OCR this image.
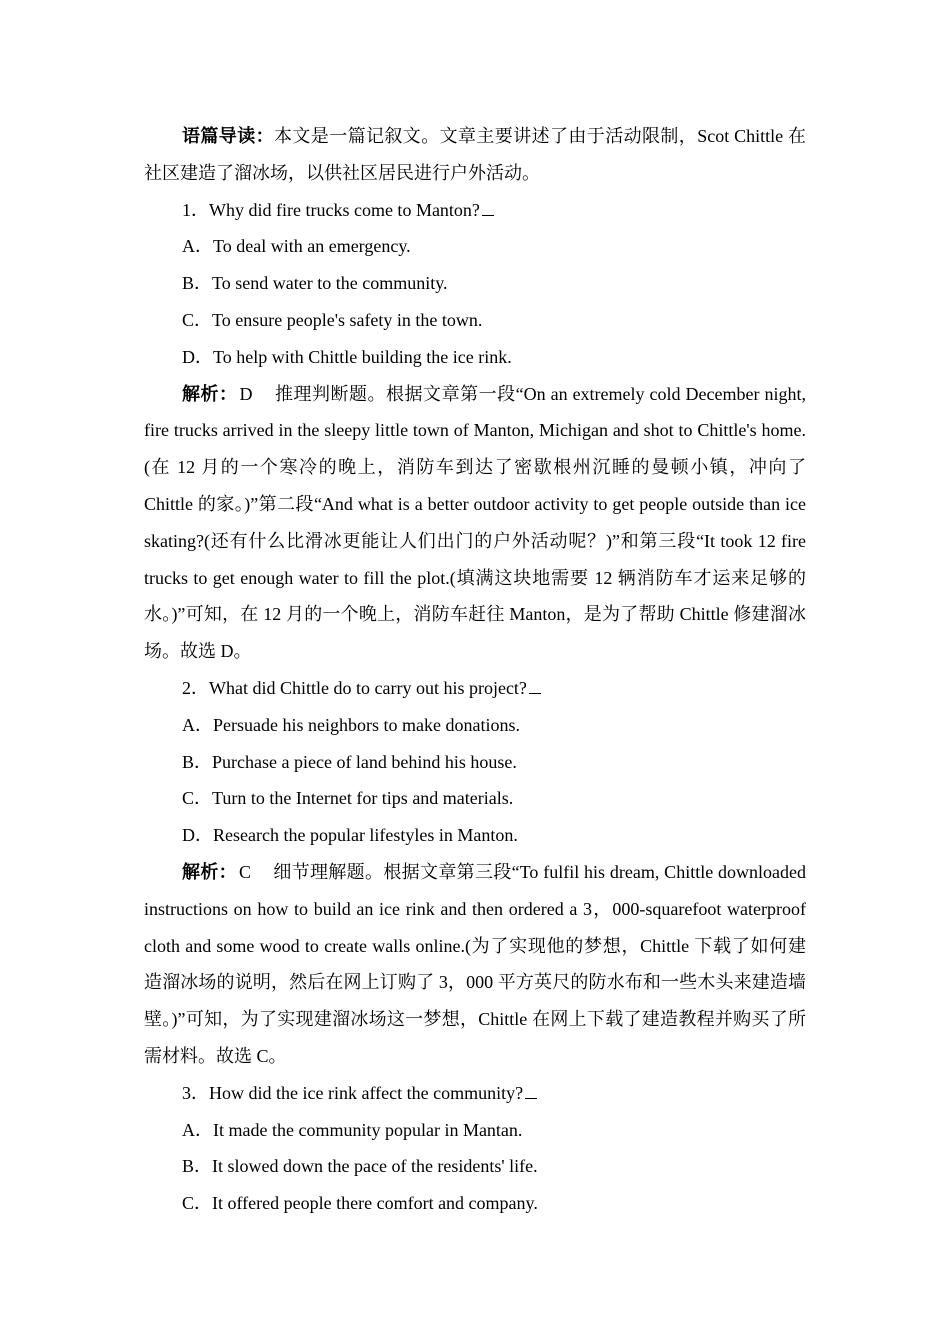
语篇导读：本文是一篇记叙文。文章主要讲述了由于活动限制，Scot Chittle 在社区建造了溜冰场，以供社区居民进行户外活动。

1．Why did fire trucks come to Manton?

A．To deal with an emergency.

B．To send water to the community.

C．To ensure people's safety in the town.

D．To help with Chittle building the ice rink.

解析： D 推理判断题。根据文章第一段“On an extremely cold December night, fire trucks arrived in the sleepy little town of Manton, Michigan and shot to Chittle's home.(在 12 月的一个寒冷的晚上，消防车到达了密歇根州沉睡的曼顿小镇，冲向了 Chittle 的家。)”第二段“And what is a better outdoor activity to get people outside than ice skating?(还有什么比滑冰更能让人们出门的户外活动呢？)”和第三段“It took 12 fire trucks to get enough water to fill the plot.(填满这块地需要 12 辆消防车才运来足够的水。)”可知，在 12 月的一个晚上，消防车赶往 Manton，是为了帮助 Chittle 修建溜冰场。故选 D。

2．What did Chittle do to carry out his project?

A．Persuade his neighbors to make donations.

B．Purchase a piece of land behind his house.

C．Turn to the Internet for tips and materials.

D．Research the popular lifestyles in Manton.

解析： C 细节理解题。根据文章第三段“To fulfil his dream, Chittle downloaded instructions on how to build an ice rink and then ordered a 3，000-squarefoot waterproof cloth and some wood to create walls online.(为了实现他的梦想，Chittle 下载了如何建造溜冰场的说明，然后在网上订购了 3，000 平方英尺的防水布和一些木头来建造墙壁。)”可知，为了实现建溜冰场这一梦想，Chittle 在网上下载了建造教程并购买了所需材料。故选 C。

3．How did the ice rink affect the community?

A．It made the community popular in Mantan.

B．It slowed down the pace of the residents' life.

C．It offered people there comfort and company.
